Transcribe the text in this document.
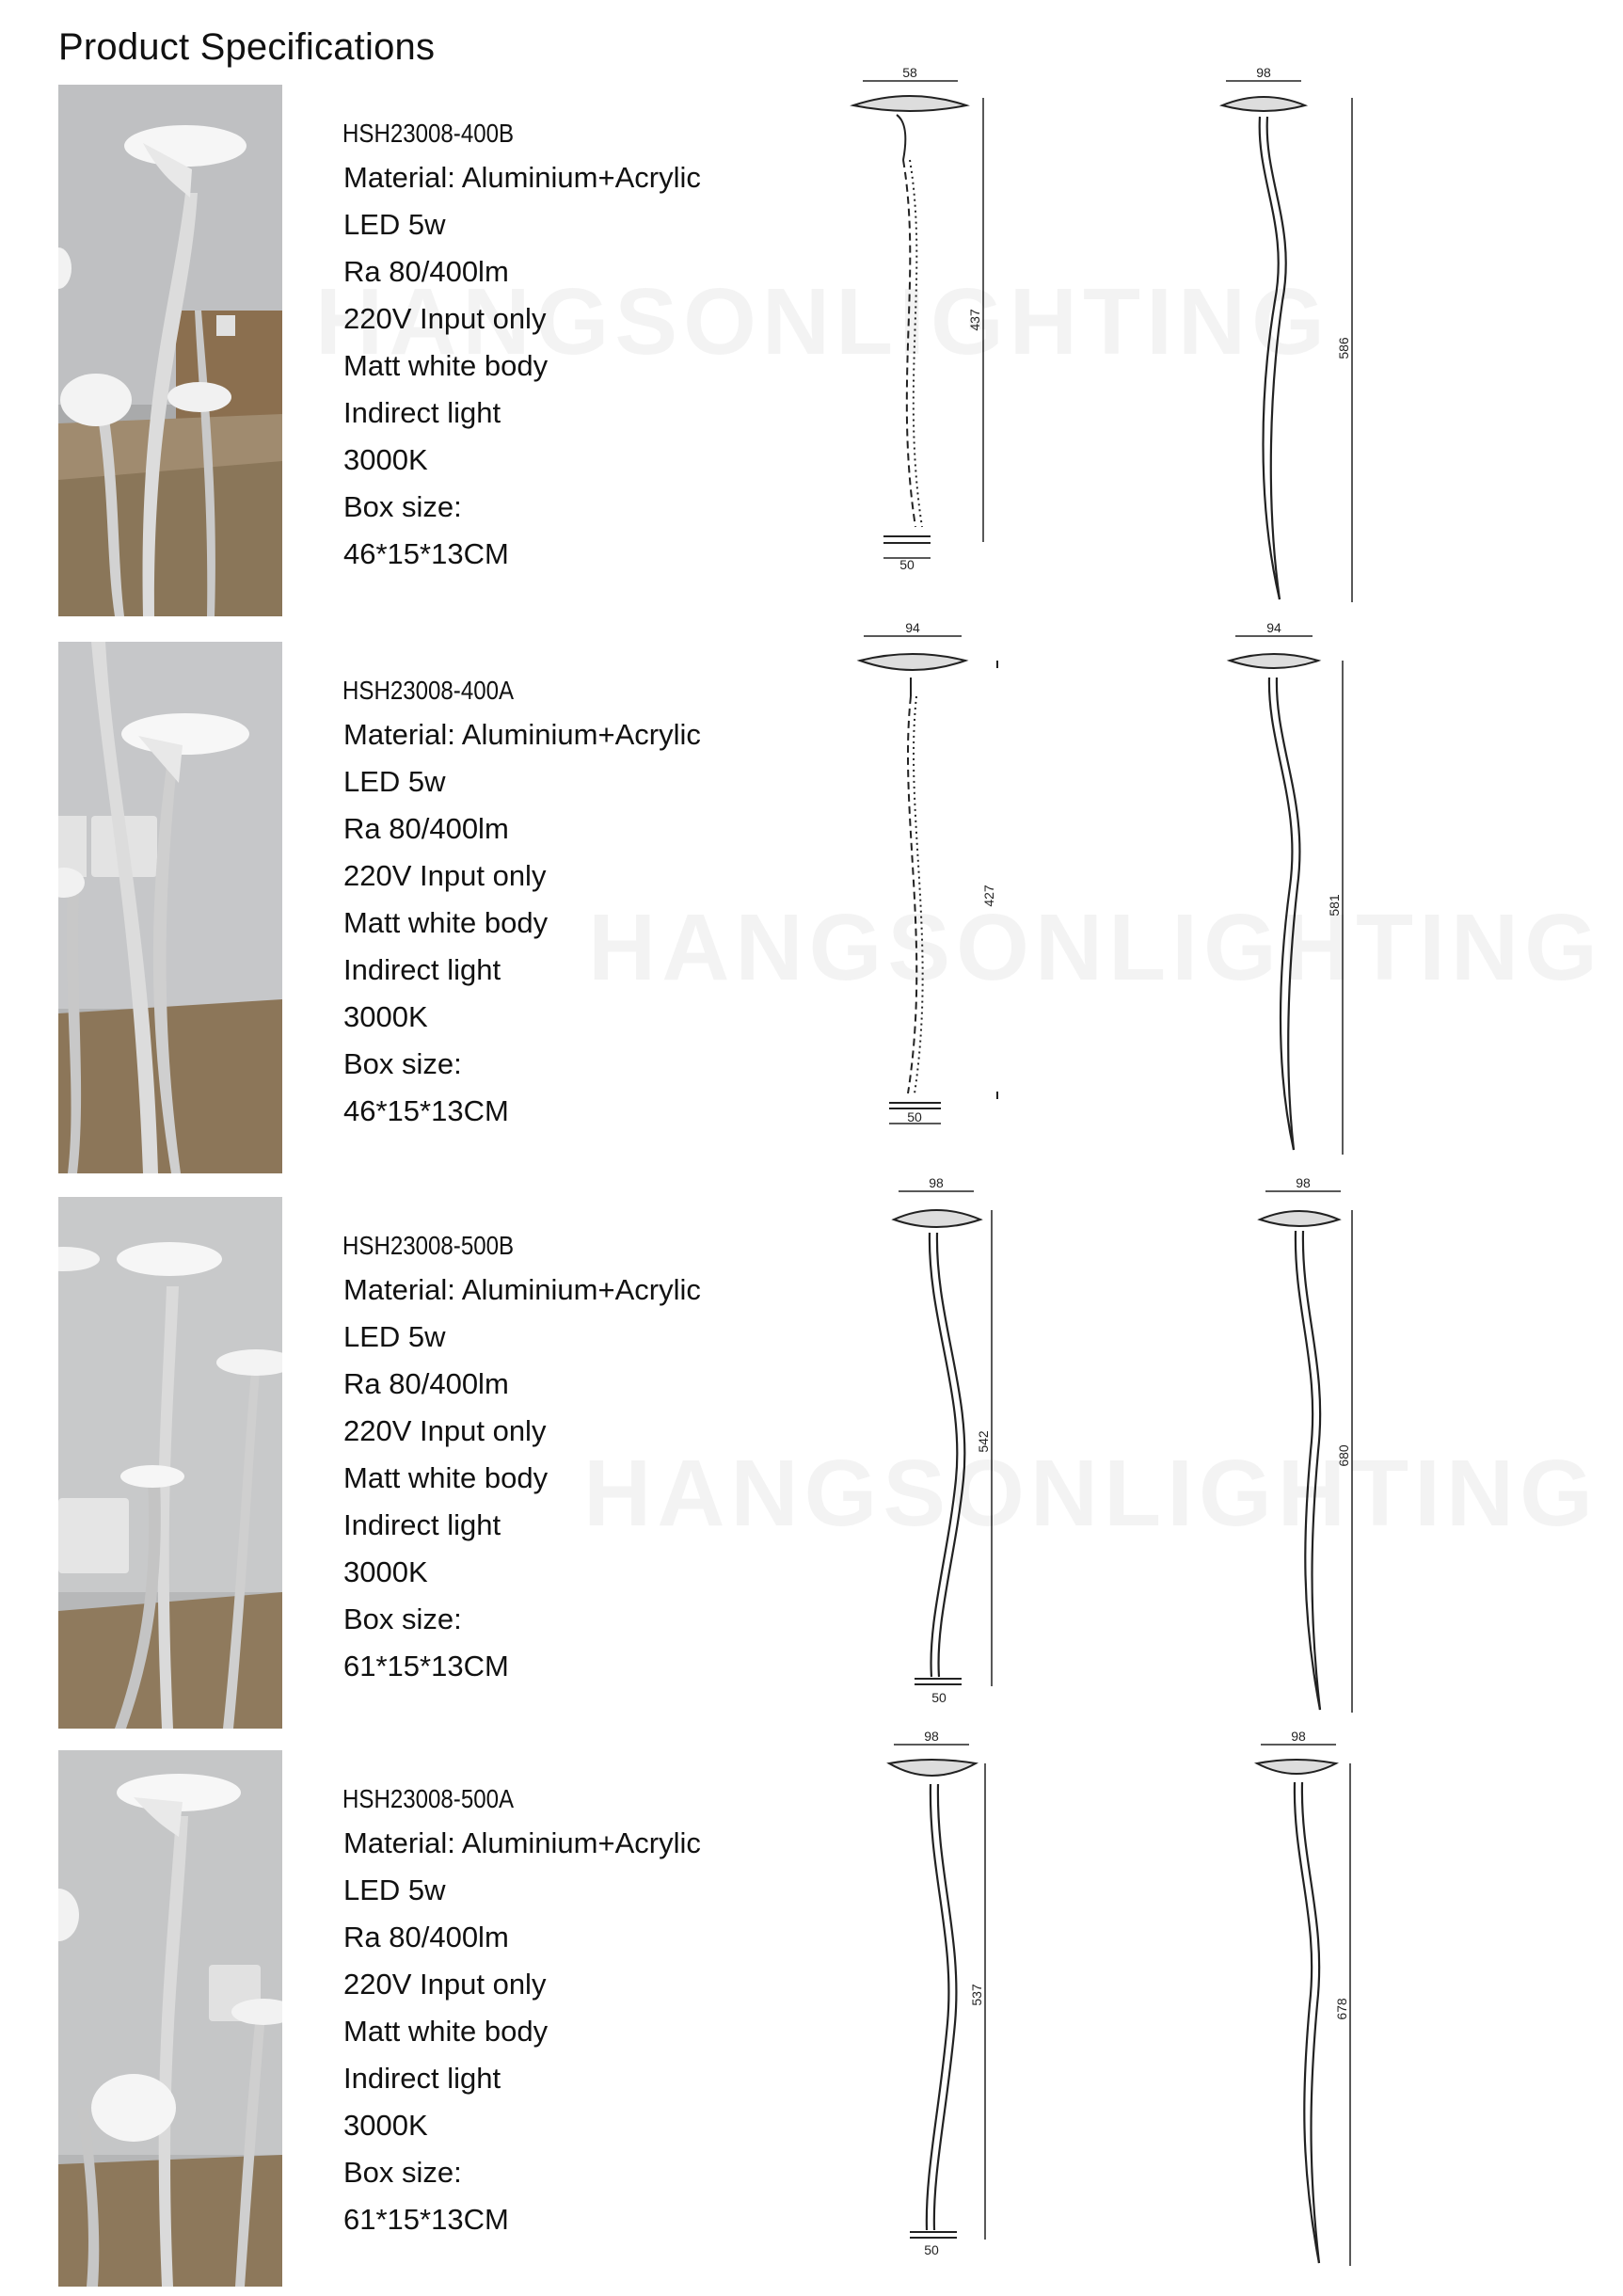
Product Specifications
HSH23008-400B
Material: Aluminium+Acrylic
LED 5w
Ra 80/400lm
220V Input only
Matt white body
Indirect light
3000K
Box size:
46*15*13CM
58
50
437
98
586
HSH23008-400A
Material: Aluminium+Acrylic
LED 5w
Ra 80/400lm
220V Input only
Matt white body
Indirect light
3000K
Box size:
46*15*13CM
94
50
427
94
581
HSH23008-500B
Material: Aluminium+Acrylic
LED 5w
Ra 80/400lm
220V Input only
Matt white body
Indirect light
3000K
Box size:
61*15*13CM
98
50
542
98
680
HSH23008-500A
Material: Aluminium+Acrylic
LED 5w
Ra 80/400lm
220V Input only
Matt white body
Indirect light
3000K
Box size:
61*15*13CM
98
50
537
98
678
